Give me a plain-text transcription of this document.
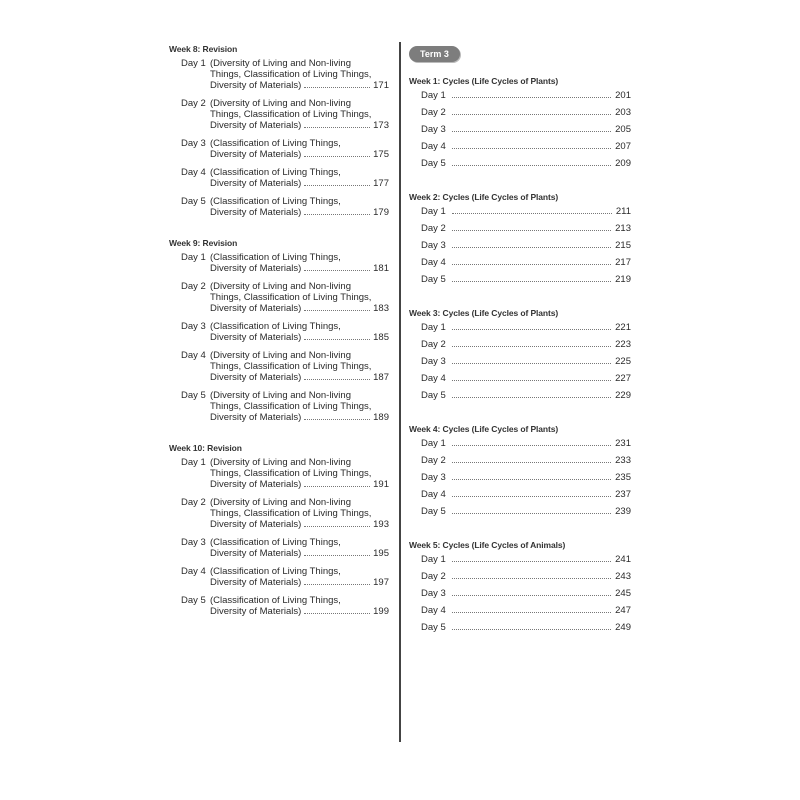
Week 8: Revision
Day 1 (Diversity of Living and Non-living
Things, Classification of Living Things,
Diversity of Materials)	171
Day 2 (Diversity of Living and Non-living
Things, Classification of Living Things,
Diversity of Materials)	173
Day 3 (Classification of Living Things,
Diversity of Materials)	175
Day 4 (Classification of Living Things,
Diversity of Materials)	177
Day 5 (Classification of Living Things,
Diversity of Materials)	179
Week 9: Revision
Day 1 (Classification of Living Things,
Diversity of Materials)	181
Day 2 (Diversity of Living and Non-living
Things, Classification of Living Things,
Diversity of Materials)	183
Day 3 (Classification of Living Things,
Diversity of Materials)	185
Day 4 (Diversity of Living and Non-living
Things, Classification of Living Things,
Diversity of Materials)	187
Day 5 (Diversity of Living and Non-living
Things, Classification of Living Things,
Diversity of Materials)	189
Week 10: Revision
Day 1 (Diversity of Living and Non-living
Things, Classification of Living Things,
Diversity of Materials)	191
Day 2 (Diversity of Living and Non-living
Things, Classification of Living Things,
Diversity of Materials)	193
Day 3 (Classification of Living Things,
Diversity of Materials)	195
Day 4 (Classification of Living Things,
Diversity of Materials)	197
Day 5 (Classification of Living Things,
Diversity of Materials)	199
Term 3
Week 1: Cycles (Life Cycles of Plants)
Day 1	201
Day 2	203
Day 3	205
Day 4	207
Day 5	209
Week 2: Cycles (Life Cycles of Plants)
Day 1	211
Day 2	213
Day 3	215
Day 4	217
Day 5	219
Week 3: Cycles (Life Cycles of Plants)
Day 1	221
Day 2	223
Day 3	225
Day 4	227
Day 5	229
Week 4: Cycles (Life Cycles of Plants)
Day 1	231
Day 2	233
Day 3	235
Day 4	237
Day 5	239
Week 5: Cycles (Life Cycles of Animals)
Day 1	241
Day 2	243
Day 3	245
Day 4	247
Day 5	249
